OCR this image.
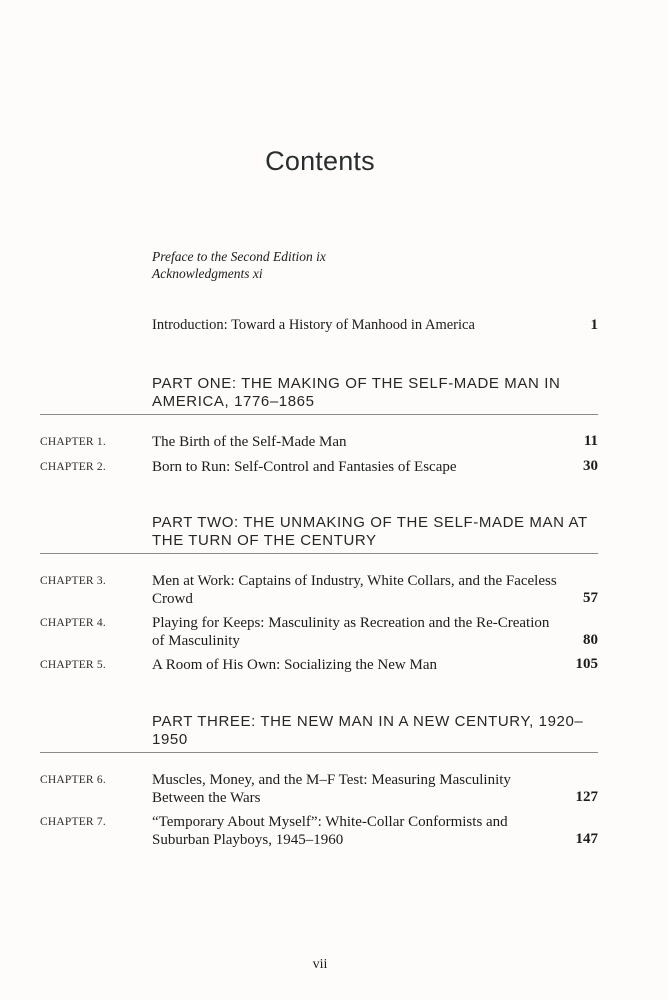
Contents
Preface to the Second Edition ix
Acknowledgments xi
Introduction: Toward a History of Manhood in America	1
PART ONE: THE MAKING OF THE SELF-MADE MAN IN AMERICA, 1776–1865
CHAPTER 1.	The Birth of the Self-Made Man	11
CHAPTER 2.	Born to Run: Self-Control and Fantasies of Escape	30
PART TWO: THE UNMAKING OF THE SELF-MADE MAN AT THE TURN OF THE CENTURY
CHAPTER 3.	Men at Work: Captains of Industry, White Collars, and the Faceless Crowd	57
CHAPTER 4.	Playing for Keeps: Masculinity as Recreation and the Re-Creation of Masculinity	80
CHAPTER 5.	A Room of His Own: Socializing the New Man	105
PART THREE: THE NEW MAN IN A NEW CENTURY, 1920–1950
CHAPTER 6.	Muscles, Money, and the M–F Test: Measuring Masculinity Between the Wars	127
CHAPTER 7.	“Temporary About Myself”: White-Collar Conformists and Suburban Playboys, 1945–1960	147
vii
